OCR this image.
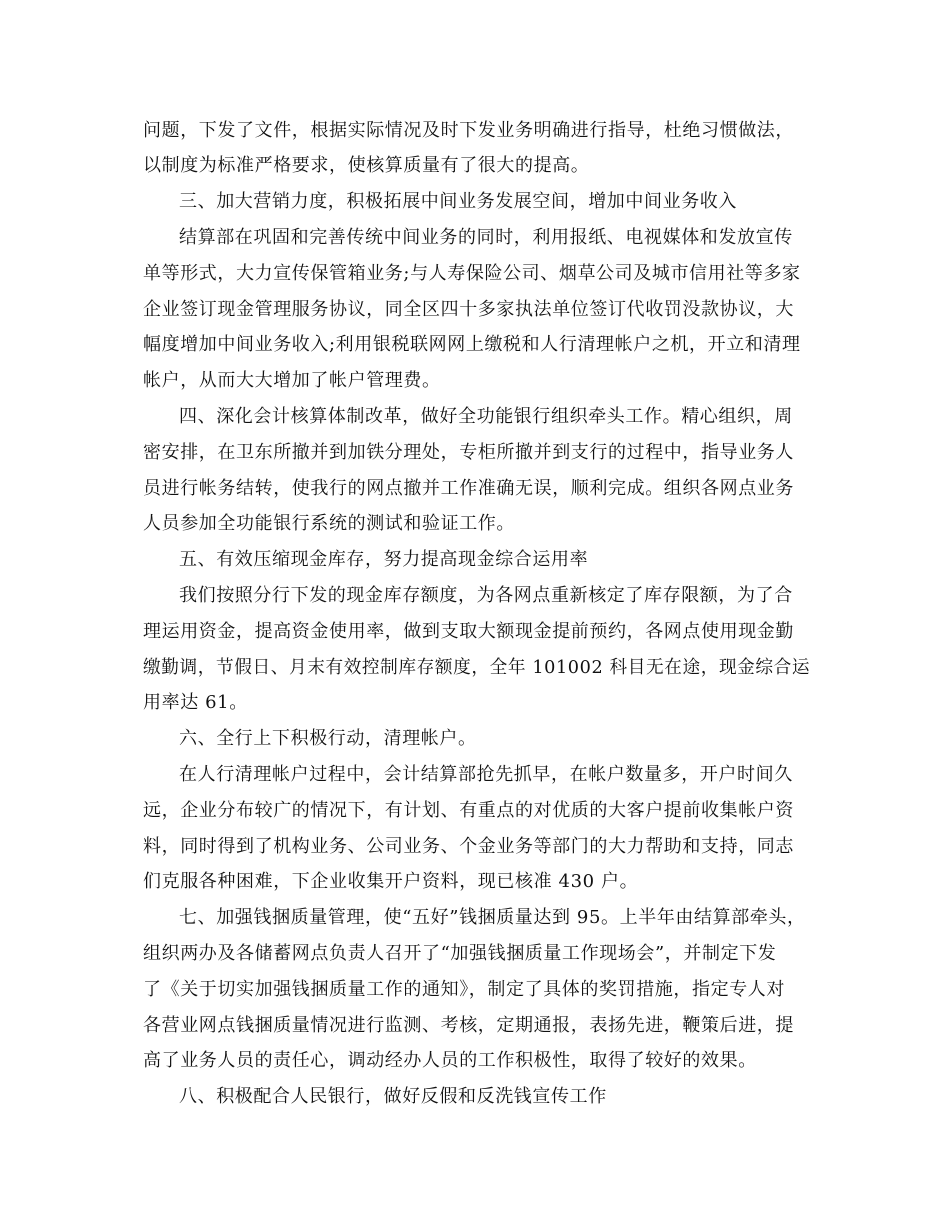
问题，下发了文件，根据实际情况及时下发业务明确进行指导，杜绝习惯做法，
以制度为标准严格要求，使核算质量有了很大的提高。
三、加大营销力度，积极拓展中间业务发展空间，增加中间业务收入
结算部在巩固和完善传统中间业务的同时，利用报纸、电视媒体和发放宣传
单等形式，大力宣传保管箱业务;与人寿保险公司、烟草公司及城市信用社等多家
企业签订现金管理服务协议，同全区四十多家执法单位签订代收罚没款协议，大
幅度增加中间业务收入;利用银税联网网上缴税和人行清理帐户之机，开立和清理
帐户，从而大大增加了帐户管理费。
四、深化会计核算体制改革，做好全功能银行组织牵头工作。精心组织，周
密安排，在卫东所撤并到加铁分理处，专柜所撤并到支行的过程中，指导业务人
员进行帐务结转，使我行的网点撤并工作准确无误，顺利完成。组织各网点业务
人员参加全功能银行系统的测试和验证工作。
五、有效压缩现金库存，努力提高现金综合运用率
我们按照分行下发的现金库存额度，为各网点重新核定了库存限额，为了合
理运用资金，提高资金使用率，做到支取大额现金提前预约，各网点使用现金勤
缴勤调，节假日、月末有效控制库存额度，全年 101002 科目无在途，现金综合运
用率达 61。
六、全行上下积极行动，清理帐户。
在人行清理帐户过程中，会计结算部抢先抓早，在帐户数量多，开户时间久
远，企业分布较广的情况下，有计划、有重点的对优质的大客户提前收集帐户资
料，同时得到了机构业务、公司业务、个金业务等部门的大力帮助和支持，同志
们克服各种困难，下企业收集开户资料，现已核准 430 户。
七、加强钱捆质量管理，使“五好”钱捆质量达到 95。上半年由结算部牵头，
组织两办及各储蓄网点负责人召开了“加强钱捆质量工作现场会”，并制定下发
了《关于切实加强钱捆质量工作的通知》，制定了具体的奖罚措施，指定专人对
各营业网点钱捆质量情况进行监测、考核，定期通报，表扬先进，鞭策后进，提
高了业务人员的责任心，调动经办人员的工作积极性，取得了较好的效果。
八、积极配合人民银行，做好反假和反洗钱宣传工作
